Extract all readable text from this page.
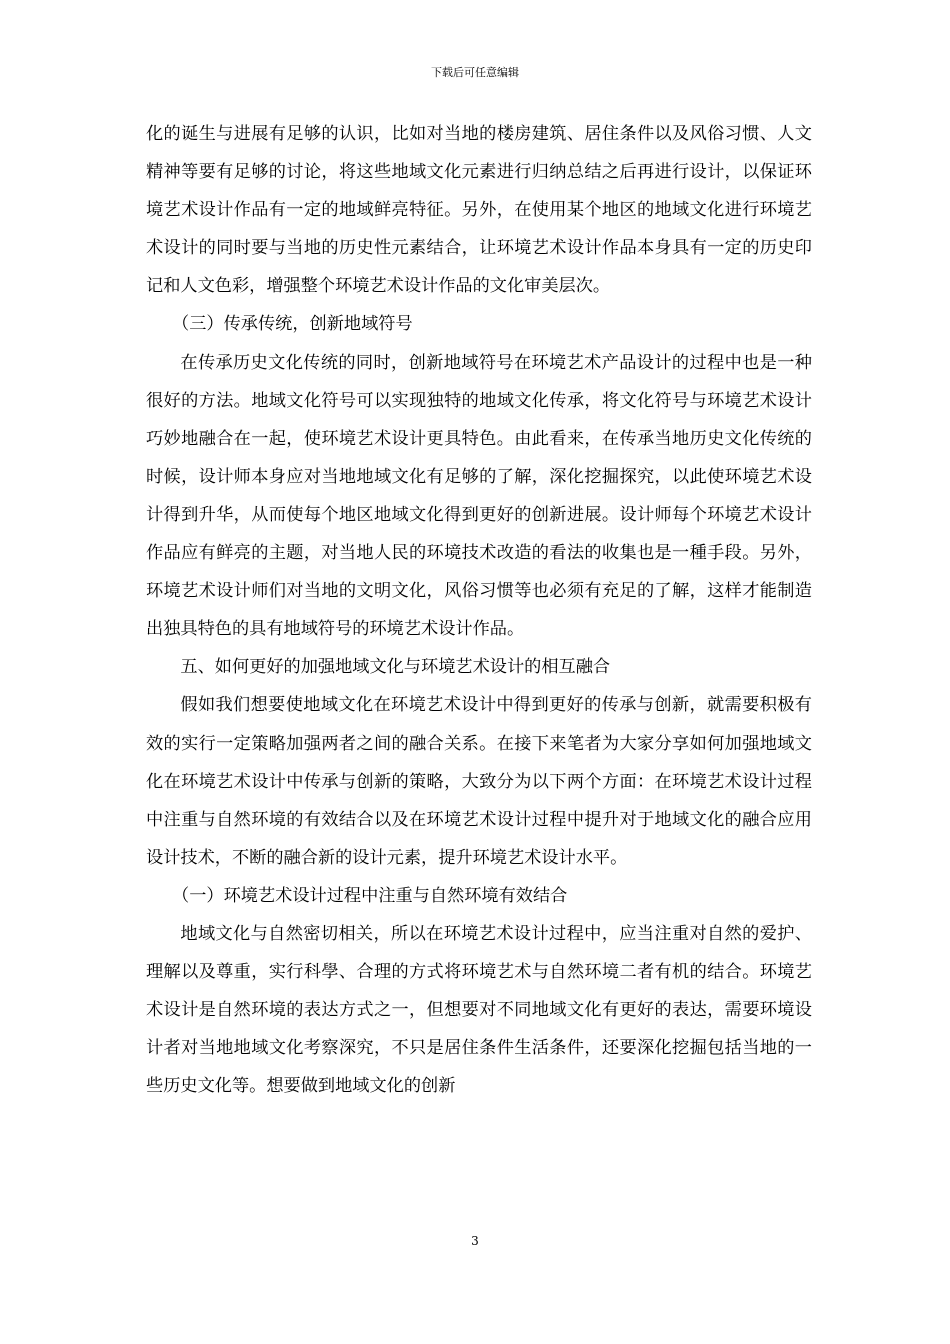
下载后可任意编辑

化的诞生与进展有足够的认识，比如对当地的楼房建筑、居住条件以及风俗习惯、人文精神等要有足够的讨论，将这些地域文化元素进行归纳总结之后再进行设计，以保证环境艺术设计作品有一定的地域鲜亮特征。另外，在使用某个地区的地域文化进行环境艺术设计的同时要与当地的历史性元素结合，让环境艺术设计作品本身具有一定的历史印记和人文色彩，增强整个环境艺术设计作品的文化审美层次。

（三）传承传统，创新地域符号

在传承历史文化传统的同时，创新地域符号在环境艺术产品设计的过程中也是一种很好的方法。地域文化符号可以实现独特的地域文化传承，将文化符号与环境艺术设计巧妙地融合在一起，使环境艺术设计更具特色。由此看来，在传承当地历史文化传统的时候，设计师本身应对当地地域文化有足够的了解，深化挖掘探究，以此使环境艺术设计得到升华，从而使每个地区地域文化得到更好的创新进展。设计师每个环境艺术设计作品应有鲜亮的主题，对当地人民的环境技术改造的看法的收集也是一種手段。另外，环境艺术设计师们对当地的文明文化，风俗习惯等也必须有充足的了解，这样才能制造出独具特色的具有地域符号的环境艺术设计作品。

五、如何更好的加强地域文化与环境艺术设计的相互融合

假如我们想要使地域文化在环境艺术设计中得到更好的传承与创新，就需要积极有效的实行一定策略加强两者之间的融合关系。在接下来笔者为大家分享如何加强地域文化在环境艺术设计中传承与创新的策略，大致分为以下两个方面：在环境艺术设计过程中注重与自然环境的有效结合以及在环境艺术设计过程中提升对于地域文化的融合应用设计技术，不断的融合新的设计元素，提升环境艺术设计水平。

（一）环境艺术设计过程中注重与自然环境有效结合

地域文化与自然密切相关，所以在环境艺术设计过程中，应当注重对自然的爱护、理解以及尊重，实行科學、合理的方式将环境艺术与自然环境二者有机的结合。环境艺术设计是自然环境的表达方式之一，但想要对不同地域文化有更好的表达，需要环境设计者对当地地域文化考察深究，不只是居住条件生活条件，还要深化挖掘包括当地的一些历史文化等。想要做到地域文化的创新

3
